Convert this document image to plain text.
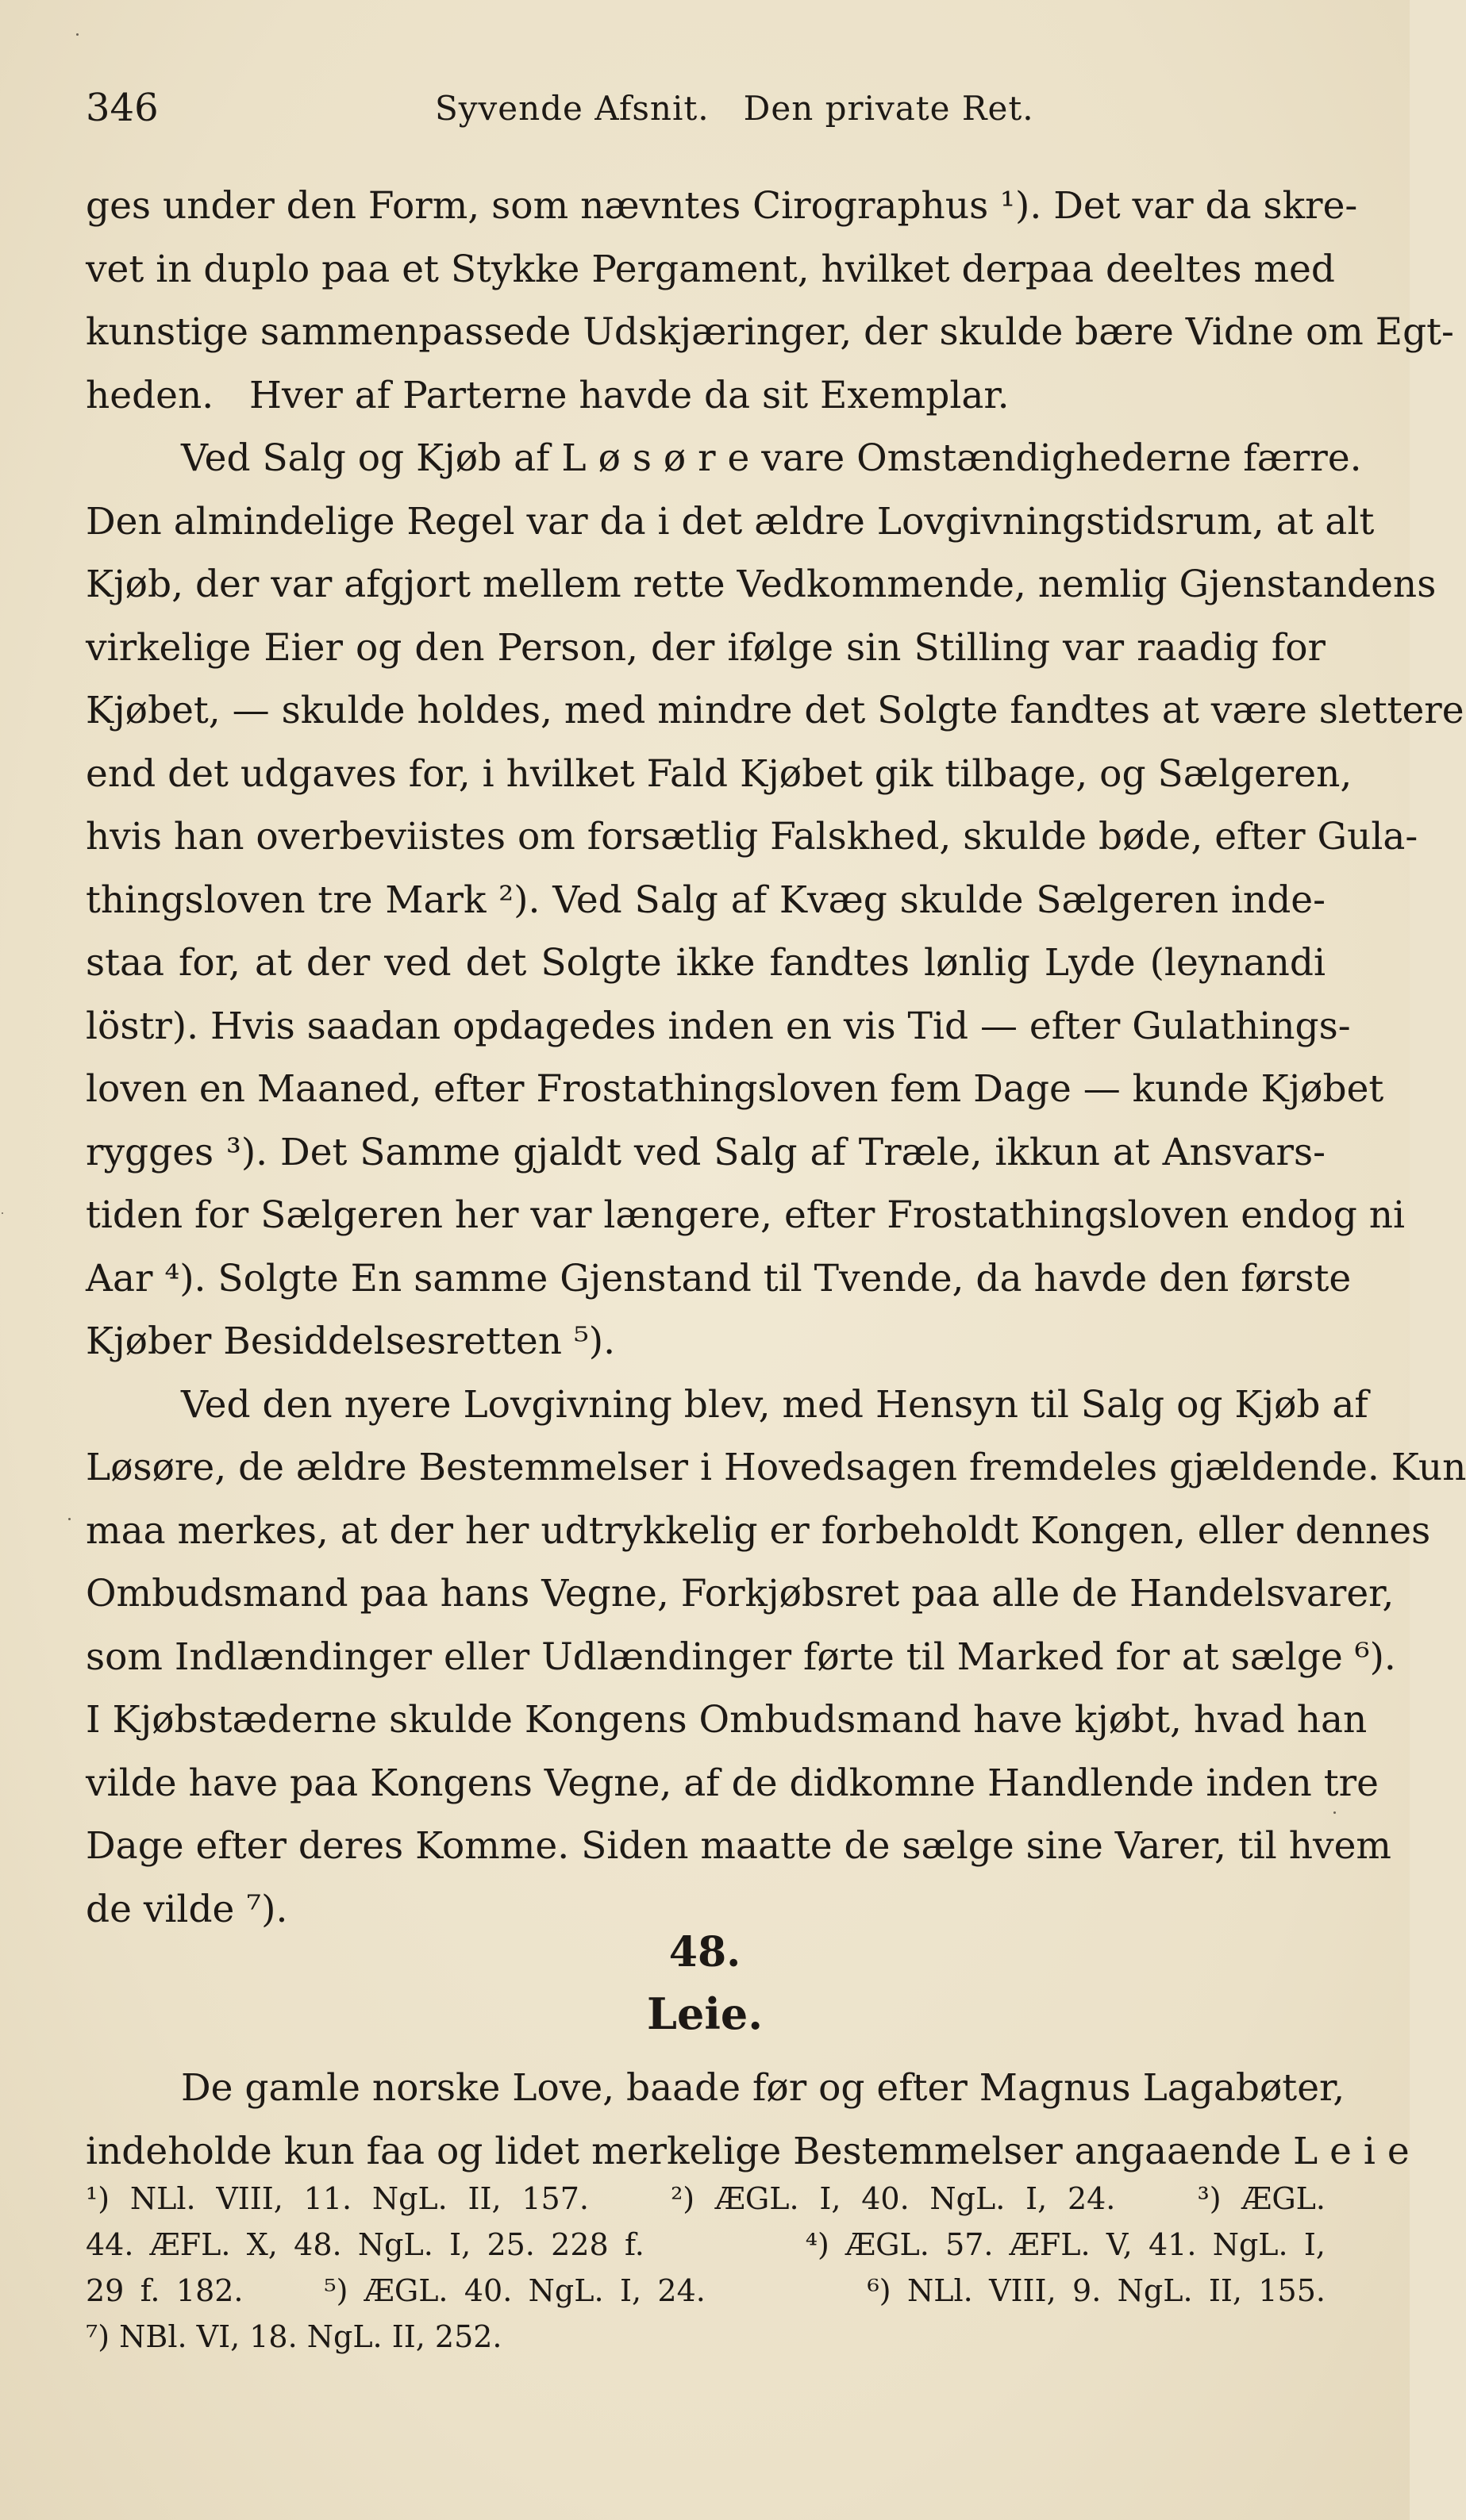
346	Syvende Afsnit.   Den private Ret.
ges under den Form, som nævntes Cirographus ¹). Det var da skre-
vet in duplo paa et Stykke Pergament, hvilket derpaa deeltes med
kunstige sammenpassede Udskjæringer, der skulde bære Vidne om Egt-
heden.   Hver af Parterne havde da sit Exemplar.
Ved Salg og Kjøb af L ø s ø r e vare Omstændighederne færre.
Den almindelige Regel var da i det ældre Lovgivningstidsrum, at alt
Kjøb, der var afgjort mellem rette Vedkommende, nemlig Gjenstandens
virkelige Eier og den Person, der ifølge sin Stilling var raadig for
Kjøbet, — skulde holdes, med mindre det Solgte fandtes at være slettere
end det udgaves for, i hvilket Fald Kjøbet gik tilbage, og Sælgeren,
hvis han overbeviistes om forsætlig Falskhed, skulde bøde, efter Gula-
thingsloven tre Mark ²). Ved Salg af Kvæg skulde Sælgeren inde-
staa for, at der ved det Solgte ikke fandtes lønlig Lyde (leynandi
löstr). Hvis saadan opdagedes inden en vis Tid — efter Gulathings-
loven en Maaned, efter Frostathingsloven fem Dage — kunde Kjøbet
rygges ³). Det Samme gjaldt ved Salg af Træle, ikkun at Ansvars-
tiden for Sælgeren her var længere, efter Frostathingsloven endog ni
Aar ⁴). Solgte En samme Gjenstand til Tvende, da havde den første
Kjøber Besiddelsesretten ⁵).
Ved den nyere Lovgivning blev, med Hensyn til Salg og Kjøb af
Løsøre, de ældre Bestemmelser i Hovedsagen fremdeles gjældende. Kun
maa merkes, at der her udtrykkelig er forbeholdt Kongen, eller dennes
Ombudsmand paa hans Vegne, Forkjøbsret paa alle de Handelsvarer,
som Indlændinger eller Udlændinger førte til Marked for at sælge ⁶).
I Kjøbstæderne skulde Kongens Ombudsmand have kjøbt, hvad han
vilde have paa Kongens Vegne, af de didkomne Handlende inden tre
Dage efter deres Komme. Siden maatte de sælge sine Varer, til hvem
de vilde ⁷).
48.
Leie.
De gamle norske Love, baade før og efter Magnus Lagabøter,
indeholde kun faa og lidet merkelige Bestemmelser angaaende L e i e
¹) NLl. VIII, 11. NgL. II, 157.    ²) ÆGL. I, 40. NgL. I, 24.    ³) ÆGL.
44. ÆFL. X, 48. NgL. I, 25. 228 f.          ⁴) ÆGL. 57. ÆFL. V, 41. NgL. I,
29 f. 182.     ⁵) ÆGL. 40. NgL. I, 24.          ⁶) NLl. VIII, 9. NgL. II, 155.
⁷) NBl. VI, 18. NgL. II, 252.
